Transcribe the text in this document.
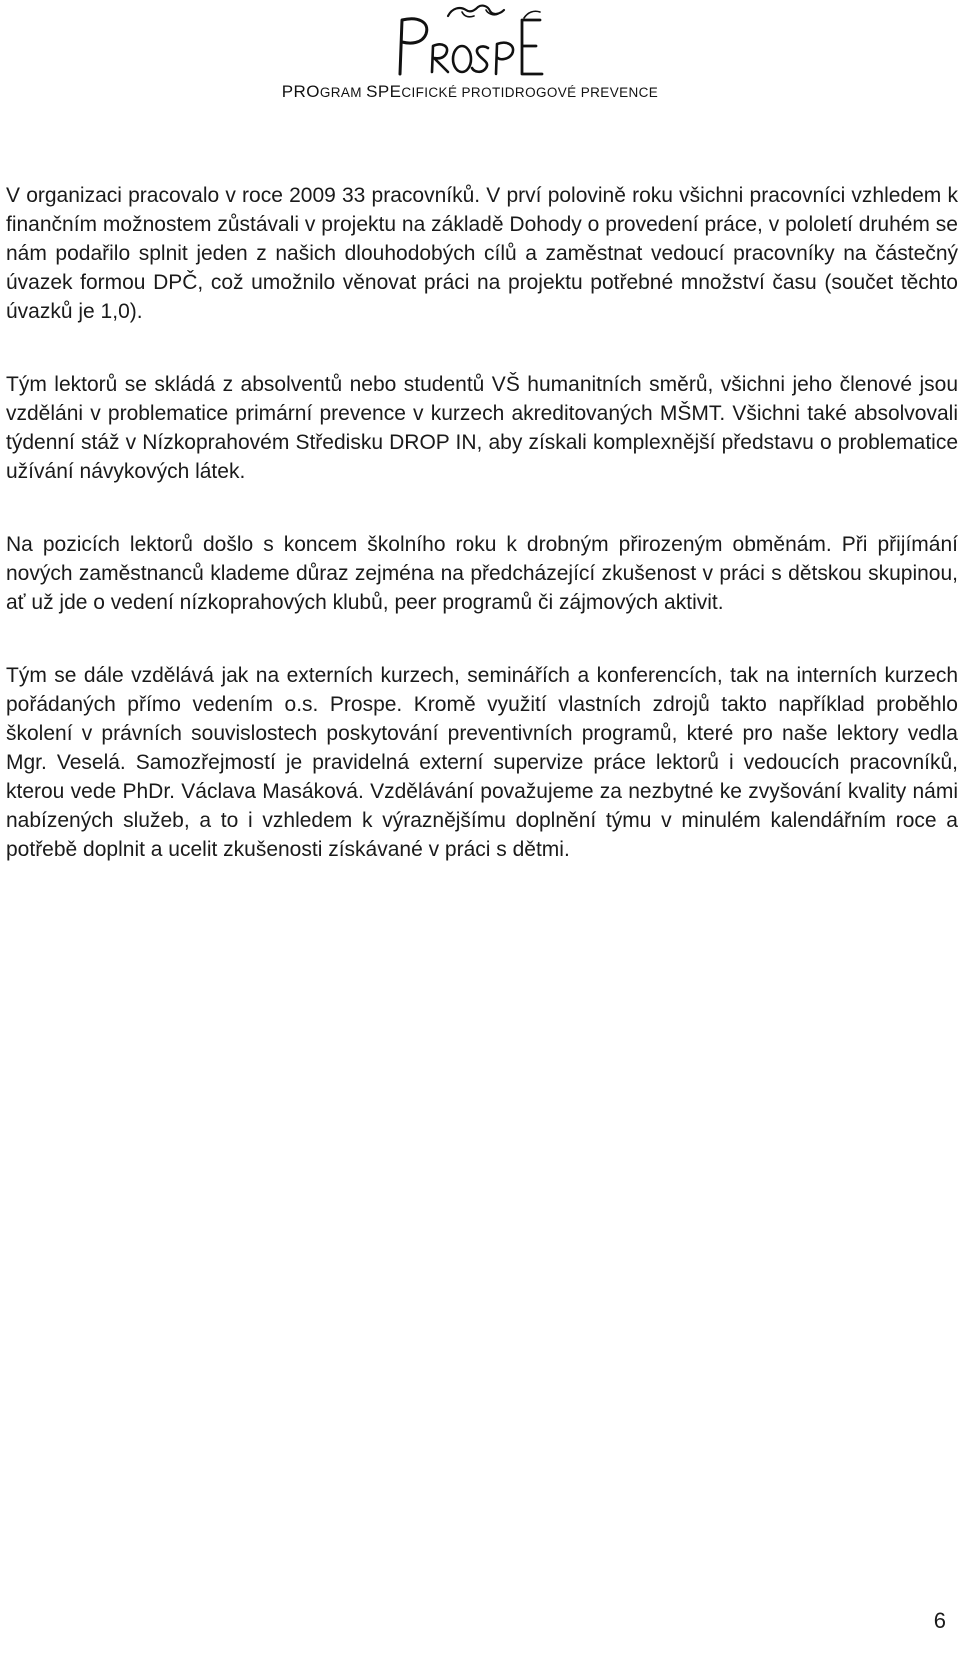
PROGRAM SPECIFICKÉ PROTIDROGOVÉ PREVENCE

V organizaci pracovalo v roce 2009 33 pracovníků. V prví polovině roku všichni pracovníci vzhledem k finančním možnostem zůstávali v projektu na základě Dohody o provedení práce, v pololetí druhém se nám podařilo splnit jeden z našich dlouhodobých cílů a zaměstnat vedoucí pracovníky na částečný úvazek formou DPČ, což umožnilo věnovat práci na projektu potřebné množství času (součet těchto úvazků je 1,0).

Tým lektorů se skládá z absolventů nebo studentů VŠ humanitních směrů, všichni jeho členové jsou vzděláni v problematice primární prevence v kurzech akreditovaných MŠMT. Všichni také absolvovali týdenní stáž v Nízkoprahovém Středisku DROP IN, aby získali komplexnější představu o problematice užívání návykových látek.

Na pozicích lektorů došlo s koncem školního roku k drobným přirozeným obměnám. Při přijímání nových zaměstnanců klademe důraz zejména na předcházející zkušenost v práci s dětskou skupinou, ať už jde o vedení nízkoprahových klubů, peer programů či zájmových aktivit.

Tým se dále vzdělává jak na externích kurzech, seminářích a konferencích, tak na interních kurzech pořádaných přímo vedením o.s. Prospe. Kromě využití vlastních zdrojů takto například proběhlo školení v právních souvislostech poskytování preventivních programů, které pro naše lektory vedla Mgr. Veselá. Samozřejmostí je pravidelná externí supervize práce lektorů i vedoucích pracovníků, kterou vede PhDr. Václava Masáková. Vzdělávání považujeme za nezbytné ke zvyšování kvality námi nabízených služeb, a to i vzhledem k výraznějšímu doplnění týmu v minulém kalendářním roce a potřebě doplnit a ucelit zkušenosti získávané v práci s dětmi.

6
